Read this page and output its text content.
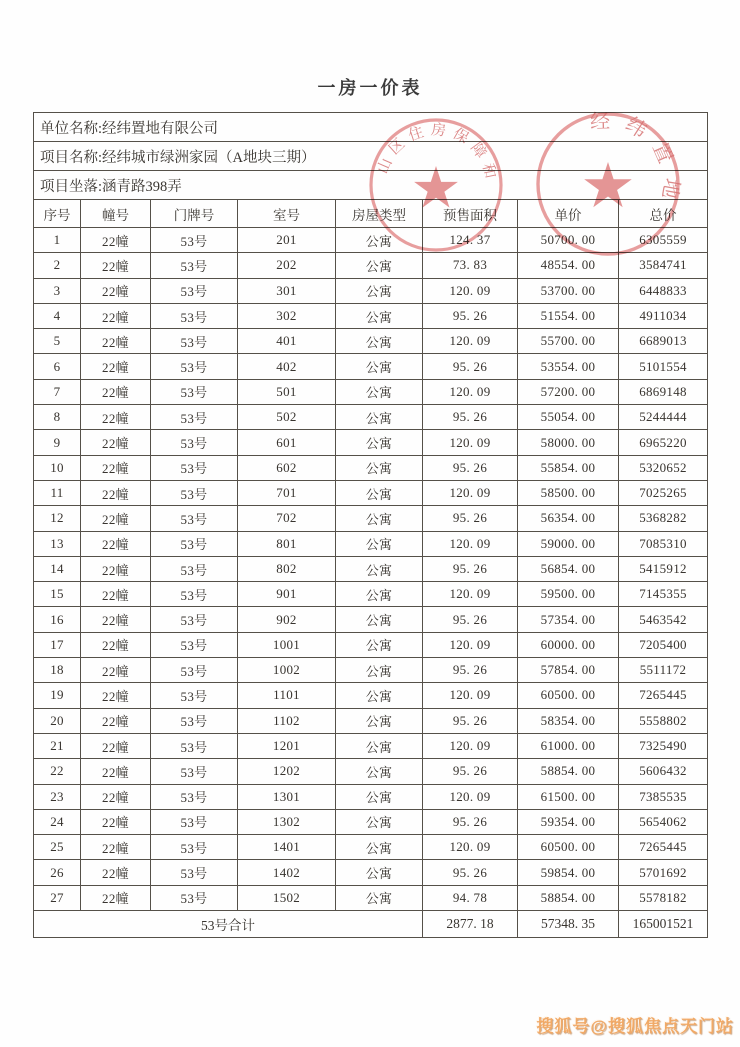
一房一价表
单位名称:经纬置地有限公司							
项目名称:经纬城市绿洲家园（A地块三期）							
项目坐落:涵青路398弄							
序号	幢号	门牌号	室号	房屋类型	预售面积	单价	总价
1	22幢	53号	201	公寓	124. 37	50700. 00	6305559
2	22幢	53号	202	公寓	73. 83	48554. 00	3584741
3	22幢	53号	301	公寓	120. 09	53700. 00	6448833
4	22幢	53号	302	公寓	95. 26	51554. 00	4911034
5	22幢	53号	401	公寓	120. 09	55700. 00	6689013
6	22幢	53号	402	公寓	95. 26	53554. 00	5101554
7	22幢	53号	501	公寓	120. 09	57200. 00	6869148
8	22幢	53号	502	公寓	95. 26	55054. 00	5244444
9	22幢	53号	601	公寓	120. 09	58000. 00	6965220
10	22幢	53号	602	公寓	95. 26	55854. 00	5320652
11	22幢	53号	701	公寓	120. 09	58500. 00	7025265
12	22幢	53号	702	公寓	95. 26	56354. 00	5368282
13	22幢	53号	801	公寓	120. 09	59000. 00	7085310
14	22幢	53号	802	公寓	95. 26	56854. 00	5415912
15	22幢	53号	901	公寓	120. 09	59500. 00	7145355
16	22幢	53号	902	公寓	95. 26	57354. 00	5463542
17	22幢	53号	1001	公寓	120. 09	60000. 00	7205400
18	22幢	53号	1002	公寓	95. 26	57854. 00	5511172
19	22幢	53号	1101	公寓	120. 09	60500. 00	7265445
20	22幢	53号	1102	公寓	95. 26	58354. 00	5558802
21	22幢	53号	1201	公寓	120. 09	61000. 00	7325490
22	22幢	53号	1202	公寓	95. 26	58854. 00	5606432
23	22幢	53号	1301	公寓	120. 09	61500. 00	7385535
24	22幢	53号	1302	公寓	95. 26	59354. 00	5654062
25	22幢	53号	1401	公寓	120. 09	60500. 00	7265445
26	22幢	53号	1402	公寓	95. 26	59854. 00	5701692
27	22幢	53号	1502	公寓	94. 78	58854. 00	5578182
53号合计					2877. 18	57348. 35	165001521
山区住房保障和
经纬置地
搜狐号@搜狐焦点天门站
